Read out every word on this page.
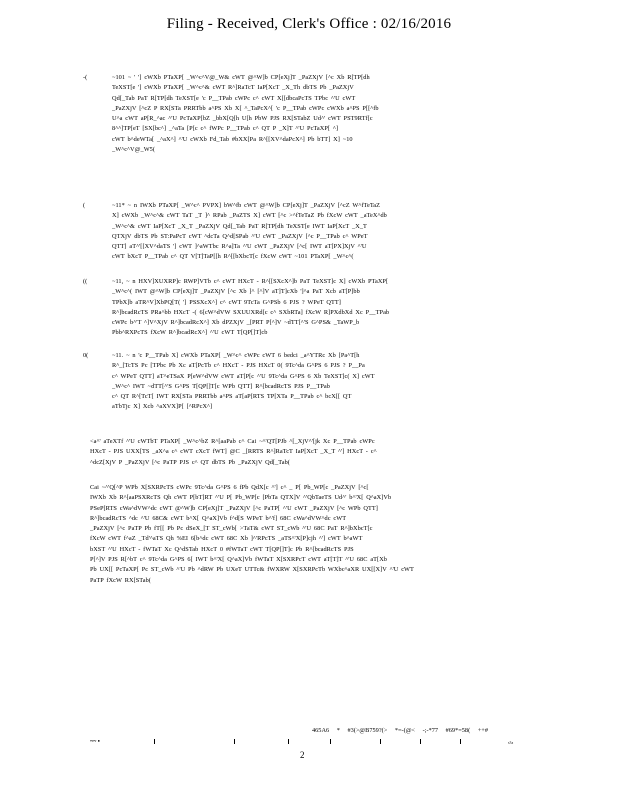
Filing - Received, Clerk's Office : 02/16/2016
-(	~101 ~ ' '] cWXb PTaXP[ _W^c^V@_W& cWT @^W]b CP[eXj]T _PaZXjV [^c Xb R[TP[dh
TeXST[e '] cWXb PTaXP[ _W^c^& cWT R^]RaTcT IaP[XcT _X_Th dbTS Pb _PaZXjV
Qd[_Tab PaT R[TP[dh TeXST[e 'c P__TPab cWPc c^ cWT X[[dbcaPcTS TPbc ^'U cWT
_PaZXjV [^cZ P RX[STa PRRTbb a^PS Xb X[ ^_TaPcX^[ 'c P__TPab cWPc cWXb a^PS P[[^fb
U^a cWT aP[R_^ac ^'U PcTaXP[bZ _bbX[Q[h U[h PbW PJS RX[STabZ Ud^' cWT PST9RTf[c
8^^]TP[eT [SX[bc^] _^aTa [P[c c^ fWPc P__TPab c^ QT P _X]T ^'U PcTaXP[ ^]
cWT b^deWTa[ _^aX^] ^'U cWXb Fd_Tab #bXX[Pa R^[[XV^daPcX^] Pb bTT] X] ~10
_W^c^V@_W5(
(	~11* ~ n IWXb PTaXP[ _W^c^ PVPX] bW^fb cWT @^W]b CP[eXj]T _PaZXjV [^cZ W^fTeTaZ
X] cWXb _W^c^& cWT TaT _T ]^ RPab _PaZTS X] cWT [^c >^fTeTaZ Pb fXcW cWT _aTeX^db
_W^c^& cWT IaP[XcT _X_T _PaZXjV Qd[_Tab PaT R[TP[dh TeXST[e IWT IaP[XcT _X_T
QTXjV dbTS Pb ST:PaPcT cWT ^dcTa Q^d[SPab ^'U cWT _PaZXjV [^c P__TPab c^ WPeT
QTT] aT^'[[XV^daTS '] cWT ]^aWTbc R^a]Ta ^'U cWT _PaZXjV [^c[ IWT aT[PX]XjV ^'U
cWT bXcT P__TPab c^ QT V[T]TaP[[h R^[[bXbcT[c fXcW cWT ~101 PTaXP[ _W^c^(
((	~11, ~ n HXV]XUXRP]c RWP]VTb c^ cWT HXcT - R^[[SXcX^]b PaT TeXST]c X] cWXb PTaXP[
_W^c^( IWT @^W]b CP[eXj]T _PaZXjV [^c Xb ]^ [^]V aT]T]cXb ']^a PaT Xcb aT[P]bb
TPbX]b aTR^V]XbPQ[T( '] PSSXcX^] c^ cWT 9TcTa G^PSb 6 PJS ? WPeT QTT]
R^]bcadRcTS PRa^bb HXcT -( 6[cW^dVW SXUUXRd[c c^ SXbRTa] fXcW R]PXdbXd Xc P__TPab
cWPc b^'T ^]V^XjV R^]bcadRcX^] Xb dPZXjV _[PRT P[^]V ~dTT[^'S G^PS& _TaWP_b
Pbb^RXPcTS fXcW R^]bcadRcX^] ^'U cWT T[QP[]T]cb
0(	~11. ~ n 'c P__TPab X] cWXb PTaXP[ _W^c^ cWPc cWT 6 bedci _a^YTRc Xb [Pa^T[h
R^_[TcTS Pc [TPbc Pb Xc aT[PcTb c^ HXcT - PJS HXcT 0( 9Tc^da G^PS 6 PJS ? P__Pa
c^ WPeT QTT] aT^eTSaX P[eW^dVW cWT aT[P[c ^'U 9Tc^da G^PS 6 Xb TeXST]c( X] cWT
_W^c^ IWT ~dTT[^'S G^PS T[QP[]T[c WPb QTT] R^[bcadRcTS PJS P__TPab
c^ QT R^[TcT[ IWT RX[STa PRRTbb a^PS aT[aP[RTS TP[XTa P__TPab c^ bcX[[ QT
aTbTjc X] Xcb ^aXVX]P[ [^RPcX^]
<a^' aTeXTf ^'U cWTbT PTaXP[ _W^c^bZ R^[aaPab c^ Cai ~^'QT[PJb ^[_XjV^'[jk Xc P__TPab cWPc
HXcT - PJS UXX[TS _aX^a c^ cWT cXcT fWT] @C _[RRTS R^]RaTcT IaP[XcT _X_T ^'] HXcT - c^
^dcZ[XjV P _PaZXjV [^c PaTP PJS c^ QT dbTS Pb _PaZXjV Qd[_Tab(
Cai ~^'Q[^P WPb X[SXRPcTS cWPc 9Tc^da G^PS 6 fPb QdX[c ^'] c^ _ P[ Pb_WP[c _PaZXjV [^c[
IWXb Xb R^[aaPSXRcTS Qh cWT P[bT]RT ^'U P[ Pb_WP[c [PbTa QTX]V ^'QbTaeTS Ud^' b^'X[ Q^aX]Vb
PSeP[RTS cWa^dVW^dc cWT @^W]b CP[eXj]T _PaZXjV [^c PaTP[ ^'U cWT _PaZXjV [^c WPb QTT]
R^]bcadRcTS ^dc ^'U 68C& cWT b^X[ Q^aX]Vb f^d[S WPeT b^'f] 68C cWa^dVW^dc cWT
_PaZXjV [^c PaTP Pb fT[[ Pb Pc dSeX_[T ST_cWb[ >TaT& cWT ST_cWb ^'U 68C PaT R^]bXbcT[c
fXcW cWT f^aZ _Td'^aTS Qh %EI 6[b^dc cWT 68C Xb ]^'RPcTS _aTS^'X[P]cjh ^'] cWT b^aWT
bXST ^'U HXcT - fWTaT Xc Q^dSTab HXcT 0 #fWTaT cWT T[QP[]T]c Pb R^[bcadRcTS PJS
P[^]V PJS R[^bT c^ 9Tc^da G^PS 6[ IWT b^'X[ Q^aX]Vb fWTaT X[SXRPcT cWT aT[T]T ^'U 68C aT[Xb
Pb UX[[ PcTaXP[ Pc ST_cWb ^'U Pb ^dRW Pb UXeT UTTc& fWXRW X[SXRPcTb WXbc^aXR UX[[X]V ^'U cWT
PaTP fXcW RX[STab(
465A6 * #3(>@B759?(> *=-(@< -;-*77 #69*=58( ++#
~~ •	s?a
2
